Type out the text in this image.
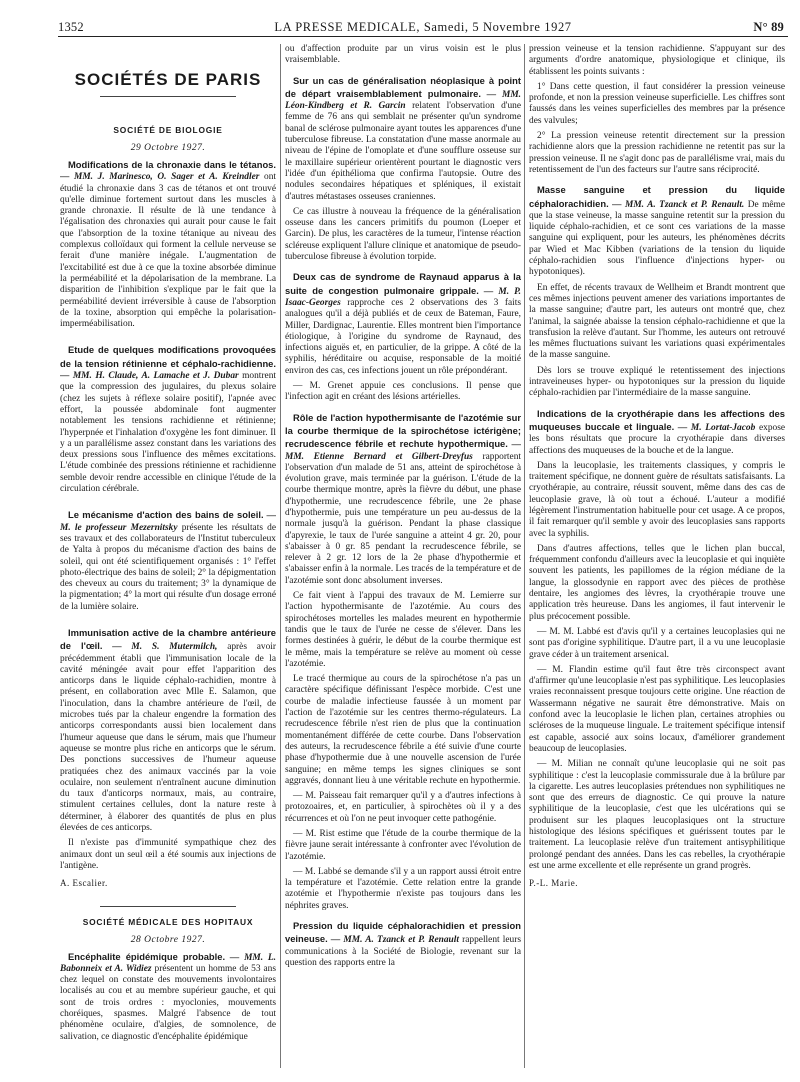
1352	LA PRESSE MEDICALE, Samedi, 5 Novembre 1927	N° 89
SOCIÉTÉS DE PARIS
SOCIÉTÉ DE BIOLOGIE
29 Octobre 1927.

Modifications de la chronaxie dans le tétanos. — MM. J. Marinesco, O. Sager et A. Kreindler ont étudié la chronaxie dans 3 cas de tétanos et ont trouvé qu'elle diminue fortement surtout dans les muscles à grande chronaxie. Il résulte de là une tendance à l'égalisation des chronaxies qui aurait pour cause le fait que l'absorption de la toxine tétanique au niveau des complexus colloïdaux qui forment la cellule nerveuse se ferait d'une manière inégale. L'augmentation de l'excitabilité est due à ce que la toxine absorbée diminue la perméabilité et la dépolarisation de la membrane. La disparition de l'inhibition s'explique par le fait que la perméabilité devient irréversible à cause de l'absorption de la toxine, absorption qui empêche la polarisation-imperméabilisation.

Etude de quelques modifications provoquées de la tension rétinienne et céphalo-rachidienne. — MM. H. Claude, A. Lamache et J. Dubar montrent que la compression des jugulaires, du plexus solaire (chez les sujets à réflexe solaire positif), l'apnée avec effort, la poussée abdominale font augmenter notablement les tensions rachidienne et rétinienne; l'hyperpnée et l'inhalation d'oxygène les font diminuer. Il y a un parallélisme assez constant dans les variations des deux pressions sous l'influence des mêmes excitations. L'étude combinée des pressions rétinienne et rachidienne semble devoir rendre accessible en clinique l'étude de la circulation cérébrale.

Le mécanisme d'action des bains de soleil. — M. le professeur Mezernitsky présente les résultats de ses travaux et des collaborateurs de l'Institut tuberculeux de Yalta à propos du mécanisme d'action des bains de soleil, qui ont été scientifiquement organisés : 1° l'effet photo-électrique des bains de soleil; 2° la dépigmentation des cheveux au cours du traitement; 3° la dynamique de la pigmentation; 4° la mort qui résulte d'un dosage erroné de la lumière solaire.

Immunisation active de la chambre antérieure de l'œil. — M. S. Mutermilch, après avoir précédemment établi que l'immunisation locale de la cavité méningée avait pour effet l'apparition des anticorps dans le liquide céphalo-rachidien, montre à présent, en collaboration avec Mlle E. Salamon, que l'inoculation, dans la chambre antérieure de l'œil, de microbes tués par la chaleur engendre la formation des anticorps correspondants aussi bien localement dans l'humeur aqueuse que dans le sérum, mais que l'humeur aqueuse se montre plus riche en anticorps que le sérum. Des ponctions successives de l'humeur aqueuse pratiquées chez des animaux vaccinés par la voie oculaire, non seulement n'entraînent aucune diminution du taux d'anticorps normaux, mais, au contraire, stimulent certaines cellules, dont la nature reste à déterminer, à élaborer des quantités de plus en plus élevées de ces anticorps.

Il n'existe pas d'immunité sympathique chez des animaux dont un seul œil a été soumis aux injections de l'antigène.

A. Escalier.

SOCIÉTÉ MÉDICALE DES HOPITAUX
28 Octobre 1927.

Encéphalite épidémique probable. — MM. L. Babonneix et A. Widiez présentent un homme de 53 ans chez lequel on constate des mouvements involontaires localisés au cou et au membre supérieur gauche, et qui sont de trois ordres : myoclonies, mouvements choréiques, spasmes. Malgré l'absence de tout phénomène oculaire, d'algies, de somnolence, de salivation, ce diagnostic d'encéphalite épidémique

ou d'affection produite par un virus voisin est le plus vraisemblable.

Sur un cas de généralisation néoplasique à point de départ vraisemblablement pulmonaire. — MM. Léon-Kindberg et R. Garcin relatent l'observation d'une femme de 76 ans qui semblait ne présenter qu'un syndrome banal de sclérose pulmonaire ayant toutes les apparences d'une tuberculose fibreuse. La constatation d'une masse anormale au niveau de l'épine de l'omoplate et d'une soufflure osseuse sur le maxillaire supérieur orientèrent pourtant le diagnostic vers l'idée d'un épithélioma que confirma l'autopsie. Outre des nodules secondaires hépatiques et spléniques, il existait d'autres métastases osseuses craniennes.

Ce cas illustre à nouveau la fréquence de la généralisation osseuse dans les cancers primitifs du poumon (Loeper et Garcin). De plus, les caractères de la tumeur, l'intense réaction scléreuse expliquent l'allure clinique et anatomique de pseudo-tuberculose fibreuse à évolution torpide.

Deux cas de syndrome de Raynaud apparus à la suite de congestion pulmonaire grippale. — M. P. Isaac-Georges rapproche ces 2 observations des 3 faits analogues qu'il a déjà publiés et de ceux de Bateman, Faure, Miller, Dardignac, Laurentie. Elles montrent bien l'importance étiologique, à l'origine du syndrome de Raynaud, des infections aiguës et, en particulier, de la grippe. A côté de la syphilis, héréditaire ou acquise, responsable de la moitié environ des cas, ces infections jouent un rôle prépondérant.

— M. Grenet appuie ces conclusions. Il pense que l'infection agit en créant des lésions artérielles.

Rôle de l'action hypothermisante de l'azotémie sur la courbe thermique de la spirochétose ictérigène; recrudescence fébrile et rechute hypothermique. — MM. Etienne Bernard et Gilbert-Dreyfus rapportent l'observation d'un malade de 51 ans, atteint de spirochétose à évolution grave, mais terminée par la guérison. L'étude de la courbe thermique montre, après la fièvre du début, une phase d'hypothermie, une recrudescence fébrile, une 2e phase d'hypothermie, puis une température un peu au-dessus de la normale jusqu'à la guérison. Pendant la phase classique d'apyrexie, le taux de l'urée sanguine a atteint 4 gr. 20, pour s'abaisser à 0 gr. 85 pendant la recrudescence fébrile, se relever à 2 gr. 12 lors de la 2e phase d'hypothermie et s'abaisser enfin à la normale. Les tracés de la température et de l'azotémie sont donc absolument inverses.

Ce fait vient à l'appui des travaux de M. Lemierre sur l'action hypothermisante de l'azotémie. Au cours des spirochétoses mortelles les malades meurent en hypothermie tandis que le taux de l'urée ne cesse de s'élever. Dans les formes destinées à guérir, le début de la courbe thermique est le même, mais la température se relève au moment où cesse l'azotémie.

Le tracé thermique au cours de la spirochétose n'a pas un caractère spécifique définissant l'espèce morbide. C'est une courbe de maladie infectieuse faussée à un moment par l'action de l'azotémie sur les centres thermo-régulateurs. La recrudescence fébrile n'est rien de plus que la continuation momentanément différée de cette courbe. Dans l'observation des auteurs, la recrudescence fébrile a été suivie d'une courte phase d'hypothermie due à une nouvelle ascension de l'urée sanguine; en même temps les signes cliniques se sont aggravés, donnant lieu à une véritable rechute en hypothermie.

— M. Paisseau fait remarquer qu'il y a d'autres infections à protozoaires, et, en particulier, à spirochètes où il y a des récurrences et où l'on ne peut invoquer cette pathogénie.

— M. Rist estime que l'étude de la courbe thermique de la fièvre jaune serait intéressante à confronter avec l'évolution de l'azotémie.

— M. Labbé se demande s'il y a un rapport aussi étroit entre la température et l'azotémie. Cette relation entre la grande azotémie et l'hypothermie n'existe pas toujours dans les néphrites graves.

Pression du liquide céphalorachidien et pression veineuse. — MM. A. Tzanck et P. Renault rappellent leurs communications à la Société de Biologie, revenant sur la question des rapports entre la

pression veineuse et la tension rachidienne. S'appuyant sur des arguments d'ordre anatomique, physiologique et clinique, ils établissent les points suivants :

1° Dans cette question, il faut considérer la pression veineuse profonde, et non la pression veineuse superficielle. Les chiffres sont faussés dans les veines superficielles des membres par la présence des valvules;

2° La pression veineuse retentit directement sur la pression rachidienne alors que la pression rachidienne ne retentit pas sur la pression veineuse. Il ne s'agit donc pas de parallélisme vrai, mais du retentissement de l'un des facteurs sur l'autre sans réciprocité.

Masse sanguine et pression du liquide céphalorachidien. — MM. A. Tzanck et P. Renault. De même que la stase veineuse, la masse sanguine retentit sur la pression du liquide céphalo-rachidien, et ce sont ces variations de la masse sanguine qui expliquent, pour les auteurs, les phénomènes décrits par Wied et Mac Kibben (variations de la tension du liquide céphalo-rachidien sous l'influence d'injections hyper- ou hypotoniques).

En effet, de récents travaux de Wellheim et Brandt montrent que ces mêmes injections peuvent amener des variations importantes de la masse sanguine; d'autre part, les auteurs ont montré que, chez l'animal, la saignée abaisse la tension céphalo-rachidienne et que la transfusion la relève d'autant. Sur l'homme, les auteurs ont retrouvé les mêmes fluctuations suivant les variations quasi expérimentales de la masse sanguine.

Dès lors se trouve expliqué le retentissement des injections intraveineuses hyper- ou hypotoniques sur la pression du liquide céphalo-rachidien par l'intermédiaire de la masse sanguine.

Indications de la cryothérapie dans les affections des muqueuses buccale et linguale. — M. Lortat-Jacob expose les bons résultats que procure la cryothérapie dans diverses affections des muqueuses de la bouche et de la langue.

Dans la leucoplasie, les traitements classiques, y compris le traitement spécifique, ne donnent guère de résultats satisfaisants. La cryothérapie, au contraire, réussit souvent, même dans des cas de leucoplasie grave, là où tout a échoué. L'auteur a modifié légèrement l'instrumentation habituelle pour cet usage. A ce propos, il fait remarquer qu'il semble y avoir des leucoplasies sans rapports avec la syphilis.

Dans d'autres affections, telles que le lichen plan buccal, fréquemment confondu d'ailleurs avec la leucoplasie et qui inquiète souvent les patients, les papillomes de la région médiane de la langue, la glossodynie en rapport avec des pièces de prothèse dentaire, les angiomes des lèvres, la cryothérapie trouve une application très heureuse. Dans les angiomes, il faut intervenir le plus précocement possible.

— M. M. Labbé est d'avis qu'il y a certaines leucoplasies qui ne sont pas d'origine syphilitique. D'autre part, il a vu une leucoplasie grave céder à un traitement arsenical.

— M. Flandin estime qu'il faut être très circonspect avant d'affirmer qu'une leucoplasie n'est pas syphilitique. Les leucoplasies vraies reconnaissent presque toujours cette origine. Une réaction de Wassermann négative ne saurait être démonstrative. Mais on confond avec la leucoplasie le lichen plan, certaines atrophies ou scléroses de la muqueuse linguale. Le traitement spécifique intensif est capable, associé aux soins locaux, d'améliorer grandement beaucoup de leucoplasies.

— M. Milian ne connaît qu'une leucoplasie qui ne soit pas syphilitique : c'est la leucoplasie commissurale due à la brûlure par la cigarette. Les autres leucoplasies prétendues non syphilitiques ne sont que des erreurs de diagnostic. Ce qui prouve la nature syphilitique de la leucoplasie, c'est que les ulcérations qui se produisent sur les plaques leucoplasiques ont la structure histologique des lésions spécifiques et guérissent toutes par le traitement. La leucoplasie relève d'un traitement antisyphilitique prolongé pendant des années. Dans les cas rebelles, la cryothérapie est une arme excellente et elle représente un grand progrès.

P.-L. Marie.
